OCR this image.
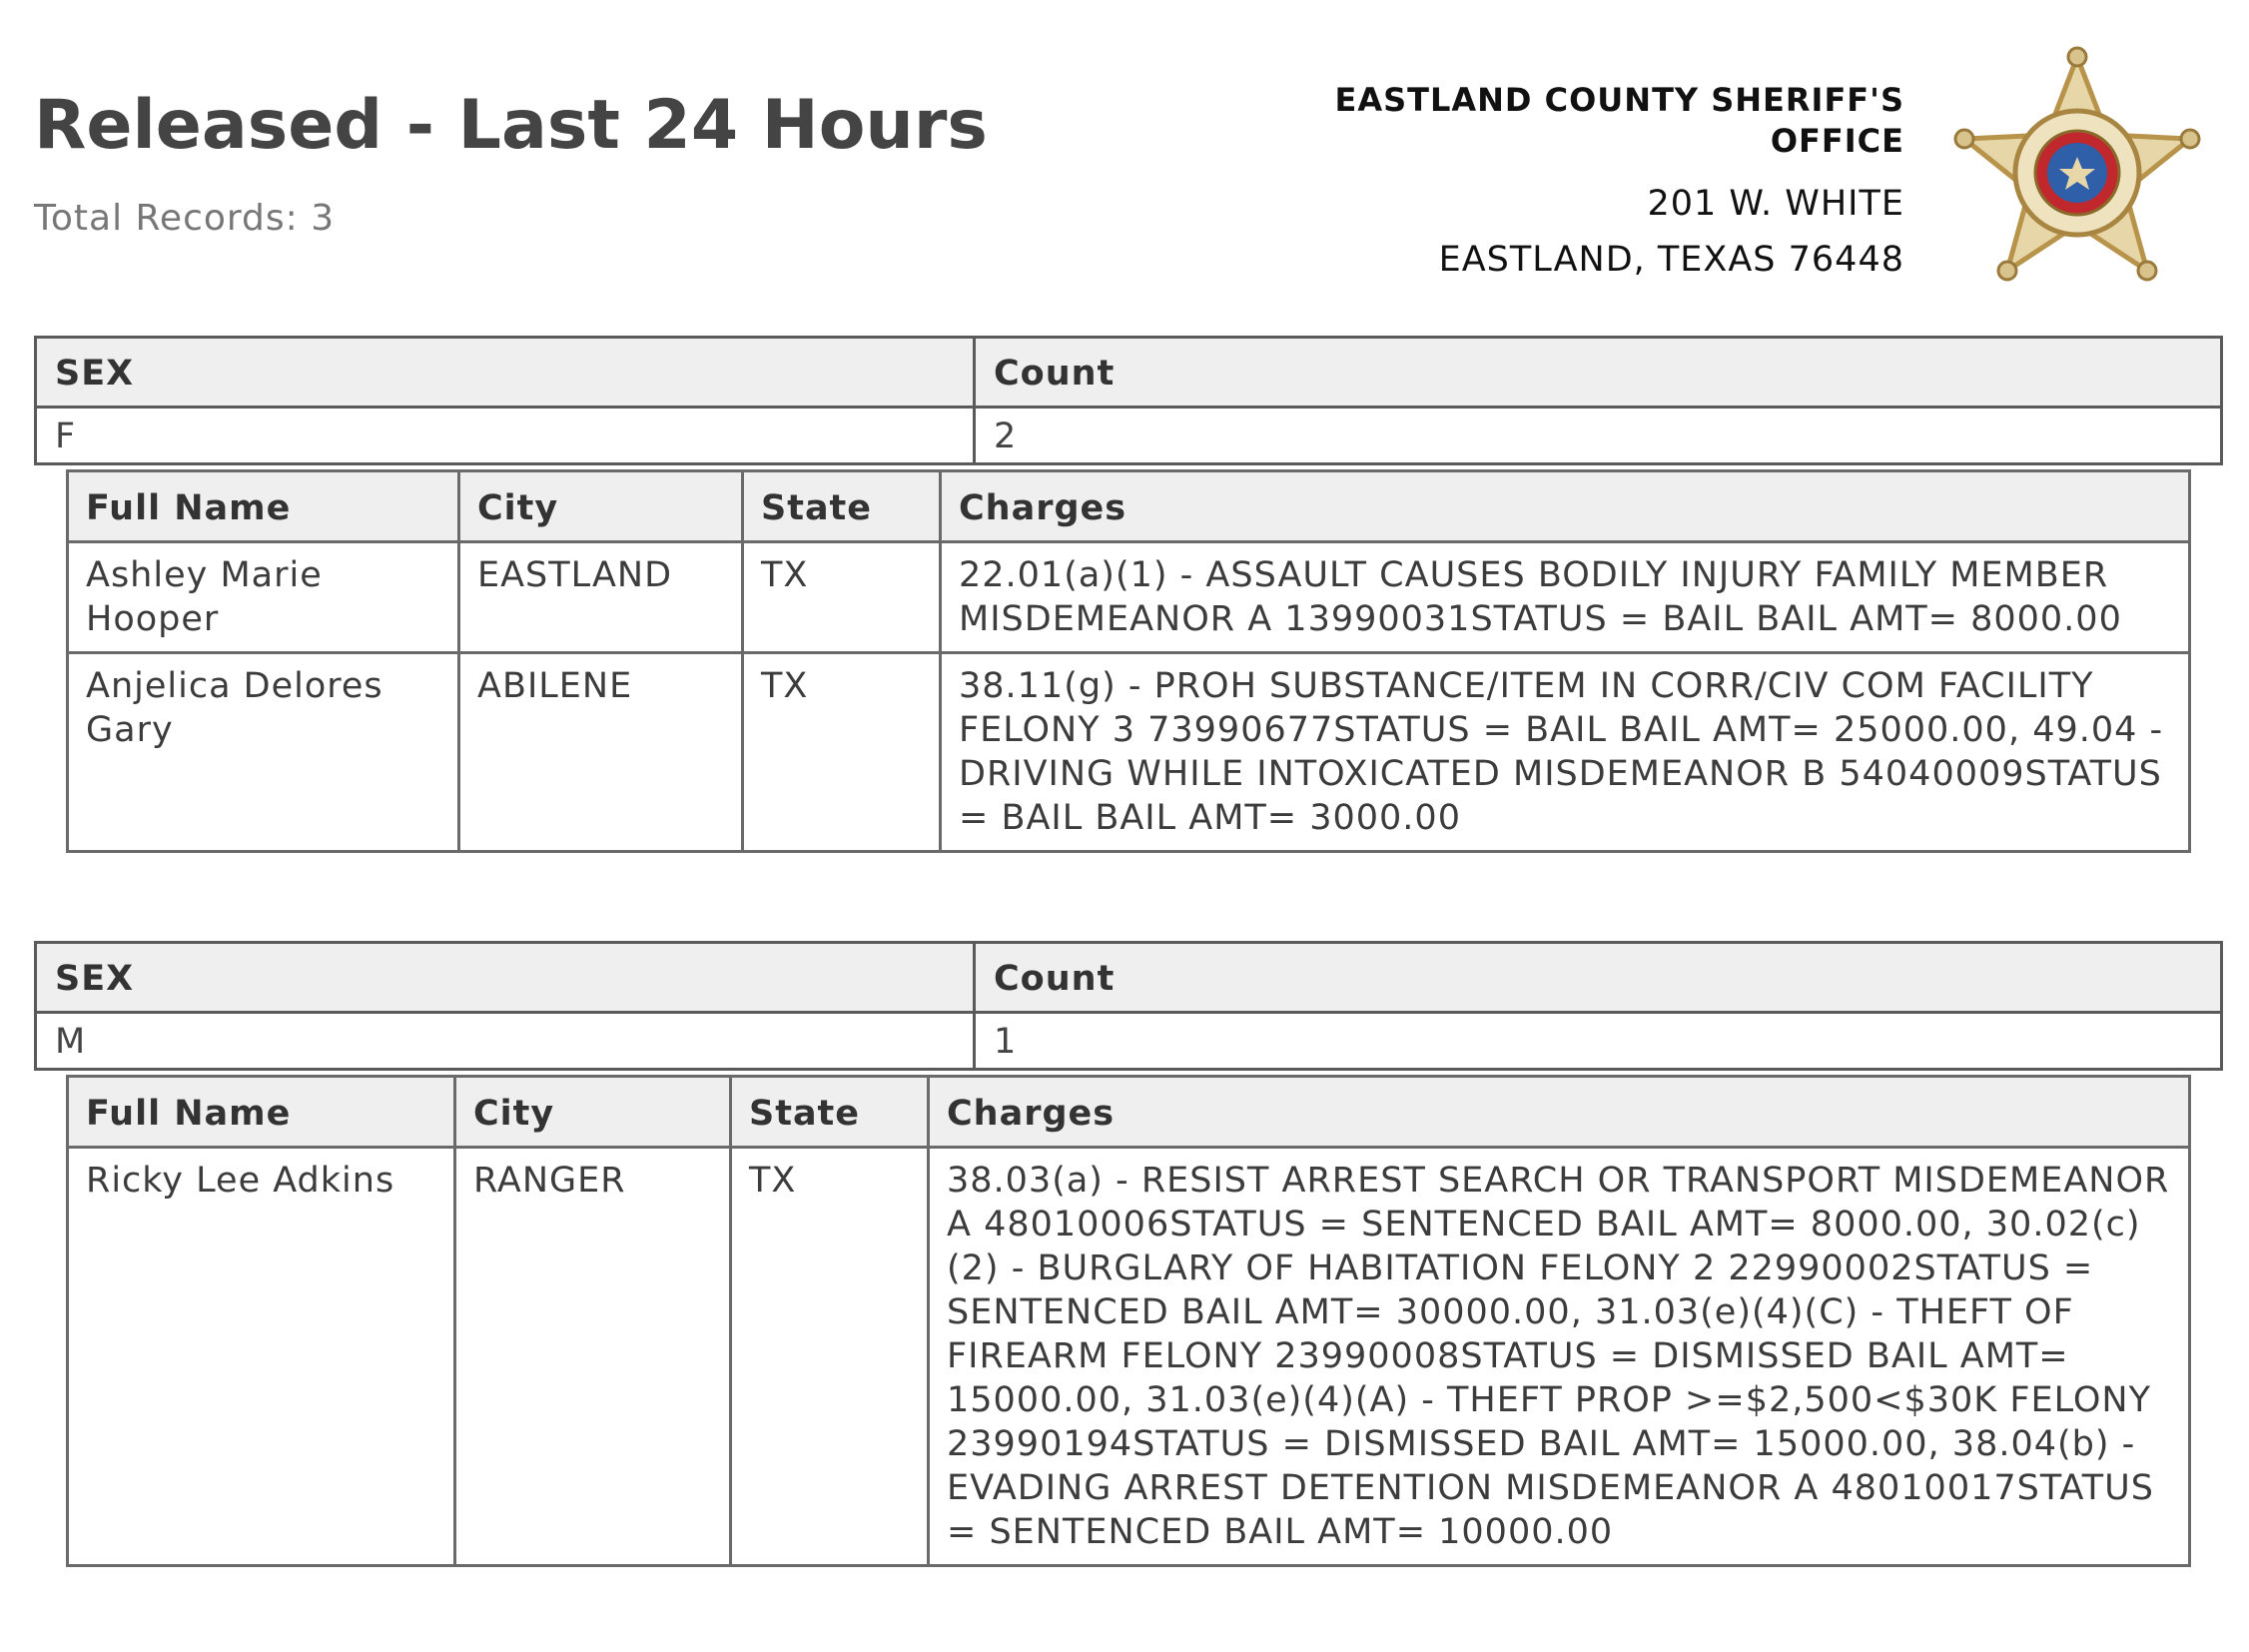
Released - Last 24 Hours
Total Records: 3
EASTLAND COUNTY SHERIFF'S
OFFICE
201 W. WHITE
EASTLAND, TEXAS 76448
SEX	Count
F	2
Full Name	City	State	Charges
Ashley Marie Hooper	EASTLAND	TX	22.01(a)(1) - ASSAULT CAUSES BODILY INJURY FAMILY MEMBER MISDEMEANOR A 13990031STATUS = BAIL BAIL AMT= 8000.00
Anjelica Delores Gary	ABILENE	TX	38.11(g) - PROH SUBSTANCE/ITEM IN CORR/CIV COM FACILITY FELONY 3 73990677STATUS = BAIL BAIL AMT= 25000.00, 49.04 - DRIVING WHILE INTOXICATED MISDEMEANOR B 54040009STATUS = BAIL BAIL AMT= 3000.00
SEX	Count
M	1
Full Name	City	State	Charges
Ricky Lee Adkins	RANGER	TX	38.03(a) - RESIST ARREST SEARCH OR TRANSPORT MISDEMEANOR A 48010006STATUS = SENTENCED BAIL AMT= 8000.00, 30.02(c)(2) - BURGLARY OF HABITATION FELONY 2 22990002STATUS = SENTENCED BAIL AMT= 30000.00, 31.03(e)(4)(C) - THEFT OF FIREARM FELONY 23990008STATUS = DISMISSED BAIL AMT= 15000.00, 31.03(e)(4)(A) - THEFT PROP >=$2,500<$30K FELONY 23990194STATUS = DISMISSED BAIL AMT= 15000.00, 38.04(b) - EVADING ARREST DETENTION MISDEMEANOR A 48010017STATUS = SENTENCED BAIL AMT= 10000.00
